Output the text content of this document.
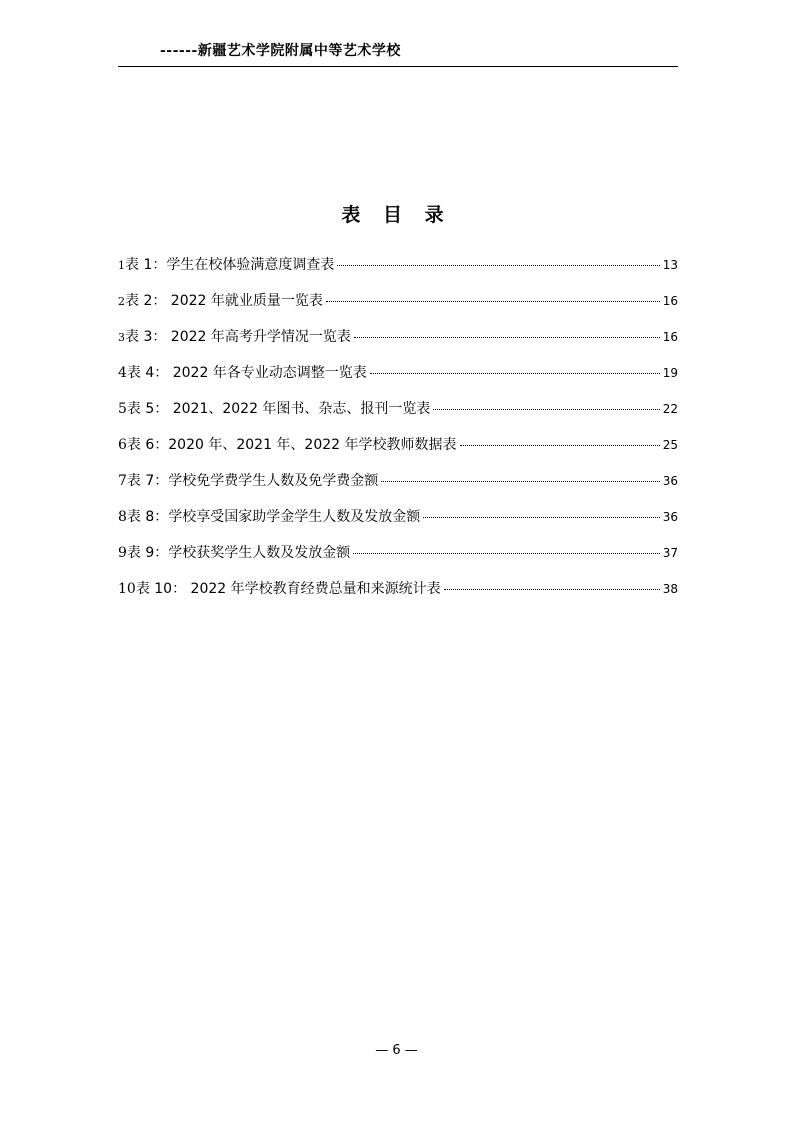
------新疆艺术学院附属中等艺术学校
表 目 录
1 表 1：学生在校体验满意度调查表	13
2 表 2： 2022 年就业质量一览表	16
3 表 3： 2022 年高考升学情况一览表	16
4 表 4： 2022 年各专业动态调整一览表	19
5 表 5： 2021、2022 年图书、杂志、报刊一览表	22
6 表 6：2020 年、2021 年、2022 年学校教师数据表	25
7 表 7：学校免学费学生人数及免学费金额	36
8 表 8：学校享受国家助学金学生人数及发放金额	36
9 表 9：学校获奖学生人数及发放金额	37
10 表 10： 2022 年学校教育经费总量和来源统计表	38
— 6 —
